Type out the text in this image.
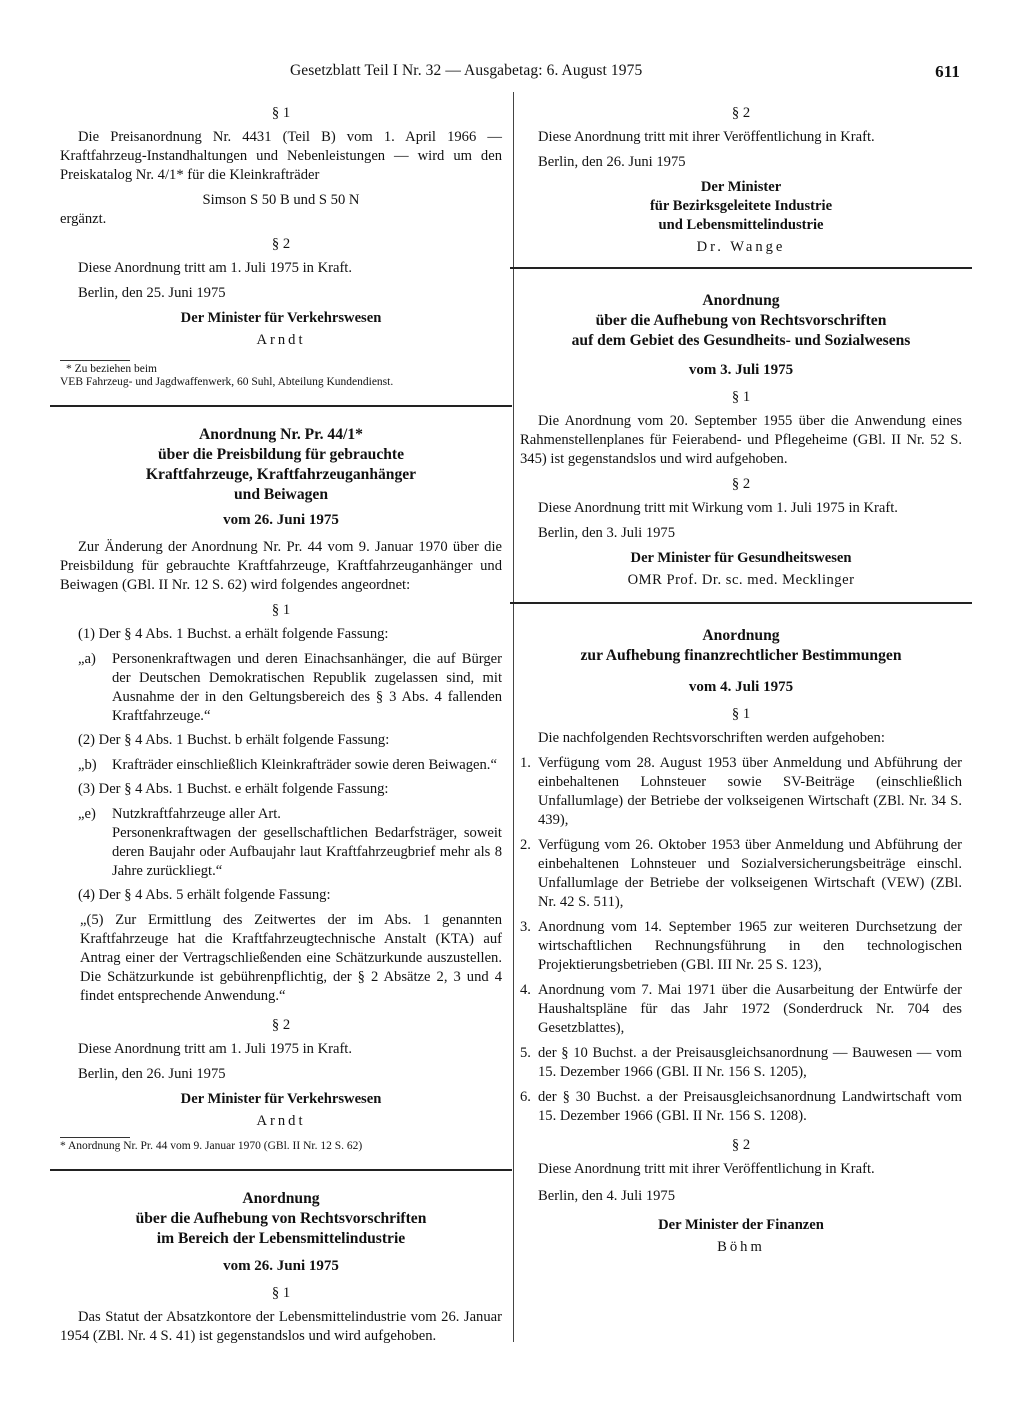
Gesetzblatt Teil I Nr. 32 — Ausgabetag: 6. August 1975	611
§ 1

Die Preisanordnung Nr. 4431 (Teil B) vom 1. April 1966 — Kraftfahrzeug-Instandhaltungen und Nebenleistungen — wird um den Preiskatalog Nr. 4/1* für die Kleinkrafträder

Simson S 50 B und S 50 N

ergänzt.

§ 2

Diese Anordnung tritt am 1. Juli 1975 in Kraft.

Berlin, den 25. Juni 1975

Der Minister für Verkehrswesen
Arndt
* Zu beziehen beim
VEB Fahrzeug- und Jagdwaffenwerk, 60 Suhl, Abteilung Kundendienst.
Anordnung Nr. Pr. 44/1*
über die Preisbildung für gebrauchte
Kraftfahrzeuge, Kraftfahrzeuganhänger
und Beiwagen
vom 26. Juni 1975

Zur Änderung der Anordnung Nr. Pr. 44 vom 9. Januar 1970 über die Preisbildung für gebrauchte Kraftfahrzeuge, Kraftfahrzeuganhänger und Beiwagen (GBl. II Nr. 12 S. 62) wird folgendes angeordnet:

§ 1

(1) Der § 4 Abs. 1 Buchst. a erhält folgende Fassung:

„a)	Personenkraftwagen und deren Einachsanhänger, die auf Bürger der Deutschen Demokratischen Republik zugelassen sind, mit Ausnahme der in den Geltungsbereich des § 3 Abs. 4 fallenden Kraftfahrzeuge.“

(2) Der § 4 Abs. 1 Buchst. b erhält folgende Fassung:

„b)	Krafträder einschließlich Kleinkrafträder sowie deren Beiwagen.“

(3) Der § 4 Abs. 1 Buchst. e erhält folgende Fassung:

„e)	Nutzkraftfahrzeuge aller Art.
Personenkraftwagen der gesellschaftlichen Bedarfsträger, soweit deren Baujahr oder Aufbaujahr laut Kraftfahrzeugbrief mehr als 8 Jahre zurückliegt.“

(4) Der § 4 Abs. 5 erhält folgende Fassung:

„(5) Zur Ermittlung des Zeitwertes der im Abs. 1 genannten Kraftfahrzeuge hat die Kraftfahrzeugtechnische Anstalt (KTA) auf Antrag einer der Vertragschließenden eine Schätzurkunde auszustellen. Die Schätzurkunde ist gebührenpflichtig, der § 2 Absätze 2, 3 und 4 findet entsprechende Anwendung.“

§ 2

Diese Anordnung tritt am 1. Juli 1975 in Kraft.

Berlin, den 26. Juni 1975

Der Minister für Verkehrswesen
Arndt
* Anordnung Nr. Pr. 44 vom 9. Januar 1970 (GBl. II Nr. 12 S. 62)
Anordnung
über die Aufhebung von Rechtsvorschriften
im Bereich der Lebensmittelindustrie
vom 26. Juni 1975
§ 1

Das Statut der Absatzkontore der Lebensmittelindustrie vom 26. Januar 1954 (ZBl. Nr. 4 S. 41) ist gegenstandslos und wird aufgehoben.

§ 2

Diese Anordnung tritt mit ihrer Veröffentlichung in Kraft.

Berlin, den 26. Juni 1975

Der Minister
für Bezirksgeleitete Industrie
und Lebensmittelindustrie
Dr. Wange
Anordnung
über die Aufhebung von Rechtsvorschriften
auf dem Gebiet des Gesundheits- und Sozialwesens
vom 3. Juli 1975
§ 1

Die Anordnung vom 20. September 1955 über die Anwendung eines Rahmenstellenplanes für Feierabend- und Pflegeheime (GBl. II Nr. 52 S. 345) ist gegenstandslos und wird aufgehoben.

§ 2

Diese Anordnung tritt mit Wirkung vom 1. Juli 1975 in Kraft.

Berlin, den 3. Juli 1975

Der Minister für Gesundheitswesen
OMR Prof. Dr. sc. med. Mecklinger
Anordnung
zur Aufhebung finanzrechtlicher Bestimmungen
vom 4. Juli 1975
§ 1

Die nachfolgenden Rechtsvorschriften werden aufgehoben:

1. Verfügung vom 28. August 1953 über Anmeldung und Abführung der einbehaltenen Lohnsteuer sowie SV-Beiträge (einschließlich Unfallumlage) der Betriebe der volkseigenen Wirtschaft (ZBl. Nr. 34 S. 439),
2. Verfügung vom 26. Oktober 1953 über Anmeldung und Abführung der einbehaltenen Lohnsteuer und Sozialversicherungsbeiträge einschl. Unfallumlage der Betriebe der volkseigenen Wirtschaft (VEW) (ZBl. Nr. 42 S. 511),
3. Anordnung vom 14. September 1965 zur weiteren Durchsetzung der wirtschaftlichen Rechnungsführung in den technologischen Projektierungsbetrieben (GBl. III Nr. 25 S. 123),
4. Anordnung vom 7. Mai 1971 über die Ausarbeitung der Entwürfe der Haushaltspläne für das Jahr 1972 (Sonderdruck Nr. 704 des Gesetzblattes),
5. der § 10 Buchst. a der Preisausgleichsanordnung — Bauwesen — vom 15. Dezember 1966 (GBl. II Nr. 156 S. 1205),
6. der § 30 Buchst. a der Preisausgleichsanordnung Landwirtschaft vom 15. Dezember 1966 (GBl. II Nr. 156 S. 1208).
§ 2

Diese Anordnung tritt mit ihrer Veröffentlichung in Kraft.

Berlin, den 4. Juli 1975

Der Minister der Finanzen
Böhm
